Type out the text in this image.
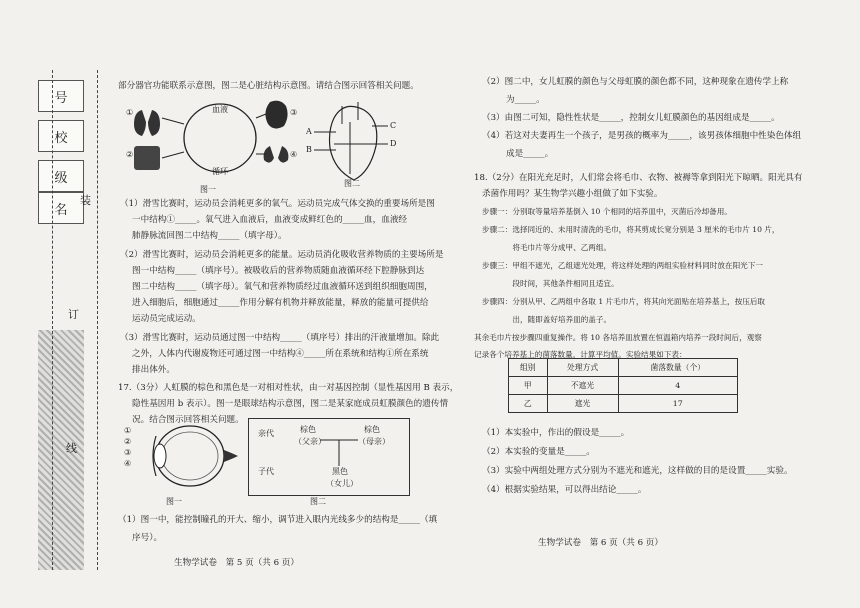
号
校
级
名
装
订
线
部分器官功能联系示意图，图二是心脏结构示意图。请结合图示回答相关问题。
①
②
③
④
血液
循环
图一
A
B
C
D
图二
（1）滑雪比赛时，运动员会消耗更多的氧气。运动员完成气体交换的重要场所是图
一中结构①_____。氧气进入血液后，血液变成鲜红色的_____血，血液经
肺静脉流回图二中结构_____（填字母）。
（2）滑雪比赛时，运动员会消耗更多的能量。运动员消化吸收营养物质的主要场所是
图一中结构_____（填序号）。被吸收后的营养物质随血液循环经下腔静脉到达
图二中结构_____（填字母）。氧气和营养物质经过血液循环送到组织细胞周围，
进入细胞后，细胞通过_____作用分解有机物并释放能量，释放的能量可提供给
运动员完成运动。
（3）滑雪比赛时，运动员通过图一中结构_____（填序号）排出的汗液量增加。除此
之外，人体内代谢废物还可通过图一中结构④_____所在系统和结构①所在系统
排出体外。
17.（3分）人虹膜的棕色和黑色是一对相对性状，由一对基因控制（显性基因用 B 表示，
隐性基因用 b 表示）。图一是眼球结构示意图，图二是某家庭成员虹膜颜色的遗传情
况。结合图示回答相关问题。
①
②
③
④
图一
亲代
子代
棕色
（父亲）
棕色
（母亲）
黑色
（女儿）
图二
（1）图一中，能控制瞳孔的开大、缩小，调节进入眼内光线多少的结构是_____（填
序号）。
生物学试卷　第 5 页（共 6 页）
（2）图二中，女儿虹膜的颜色与父母虹膜的颜色都不同，这种现象在遗传学上称
为_____。
（3）由图二可知，隐性性状是_____，控制女儿虹膜颜色的基因组成是_____。
（4）若这对夫妻再生一个孩子，是男孩的概率为_____，该男孩体细胞中性染色体组
成是_____。
18.（2分）在阳光充足时，人们常会将毛巾、衣物、被褥等拿到阳光下晾晒。阳光具有
杀菌作用吗？某生物学兴趣小组做了如下实验。
步骤一：分别取等量培养基倒入 10 个相同的培养皿中，灭菌后冷却备用。
步骤二：选择同近的、未用时清洗的毛巾，将其剪成长宽分别是 3 厘米的毛巾片 10 片，
　　　　将毛巾片等分成甲、乙两组。
步骤三：甲组不遮光，乙组遮光处理，将这样处理的两组实验材料同时放在阳光下一
　　　　段时间，其他条件相同且适宜。
步骤四：分别从甲、乙两组中各取 1 片毛巾片，将其向光面贴在培养基上，按压后取
　　　　出，随即盖好培养皿的盖子。
其余毛巾片按步骤四重复操作。将 10 各培养皿放置在恒温箱内培养一段时间后，观察
记录各个培养基上的菌落数量，计算平均值。实验结果如下表：
组别	处理方式	菌落数量（个）
甲	不遮光	4
乙	遮光	17
（1）本实验中，作出的假设是_____。
（2）本实验的变量是_____。
（3）实验中两组处理方式分别为不遮光和遮光，这样做的目的是设置_____实验。
（4）根据实验结果，可以得出结论_____。
生物学试卷　第 6 页（共 6 页）
